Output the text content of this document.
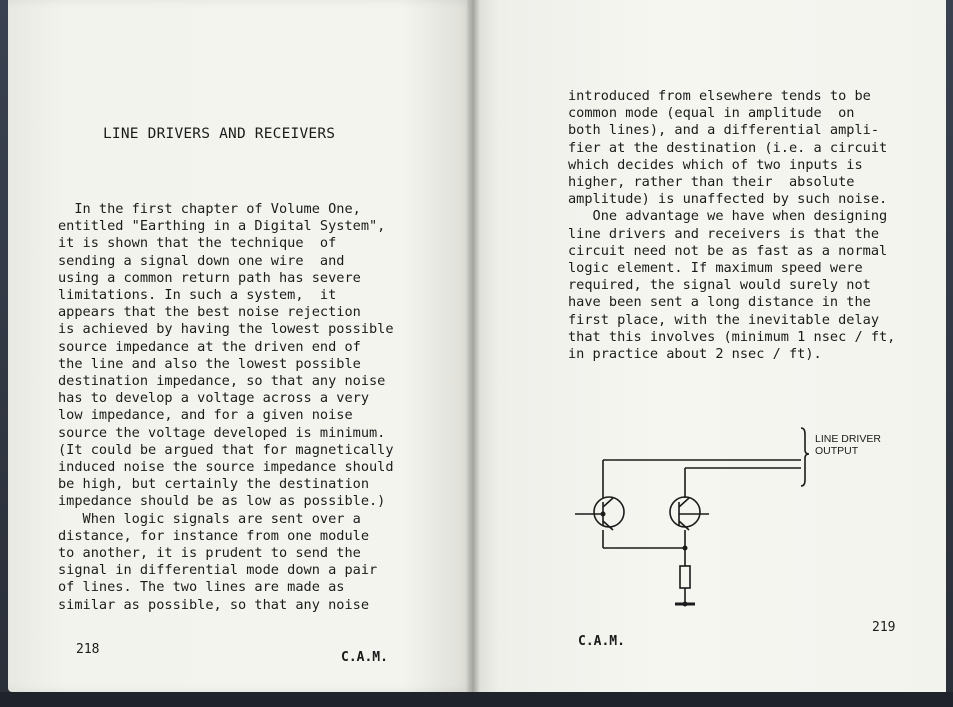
LINE DRIVERS AND RECEIVERS
In the first chapter of Volume One,
entitled "Earthing in a Digital System",
it is shown that the technique  of
sending a signal down one wire  and
using a common return path has severe
limitations. In such a system,  it
appears that the best noise rejection
is achieved by having the lowest possible
source impedance at the driven end of
the line and also the lowest possible
destination impedance, so that any noise
has to develop a voltage across a very
low impedance, and for a given noise
source the voltage developed is minimum.
(It could be argued that for magnetically
induced noise the source impedance should
be high, but certainly the destination
impedance should be as low as possible.)
When logic signals are sent over a
distance, for instance from one module
to another, it is prudent to send the
signal in differential mode down a pair
of lines. The two lines are made as
similar as possible, so that any noise
218
C.A.M.
introduced from elsewhere tends to be
common mode (equal in amplitude  on
both lines), and a differential ampli-
fier at the destination (i.e. a circuit
which decides which of two inputs is
higher, rather than their  absolute
amplitude) is unaffected by such noise.
One advantage we have when designing
line drivers and receivers is that the
circuit need not be as fast as a normal
logic element. If maximum speed were
required, the signal would surely not
have been sent a long distance in the
first place, with the inevitable delay
that this involves (minimum 1 nsec / ft,
in practice about 2 nsec / ft).
LINE DRIVER
OUTPUT
C.A.M.
219
